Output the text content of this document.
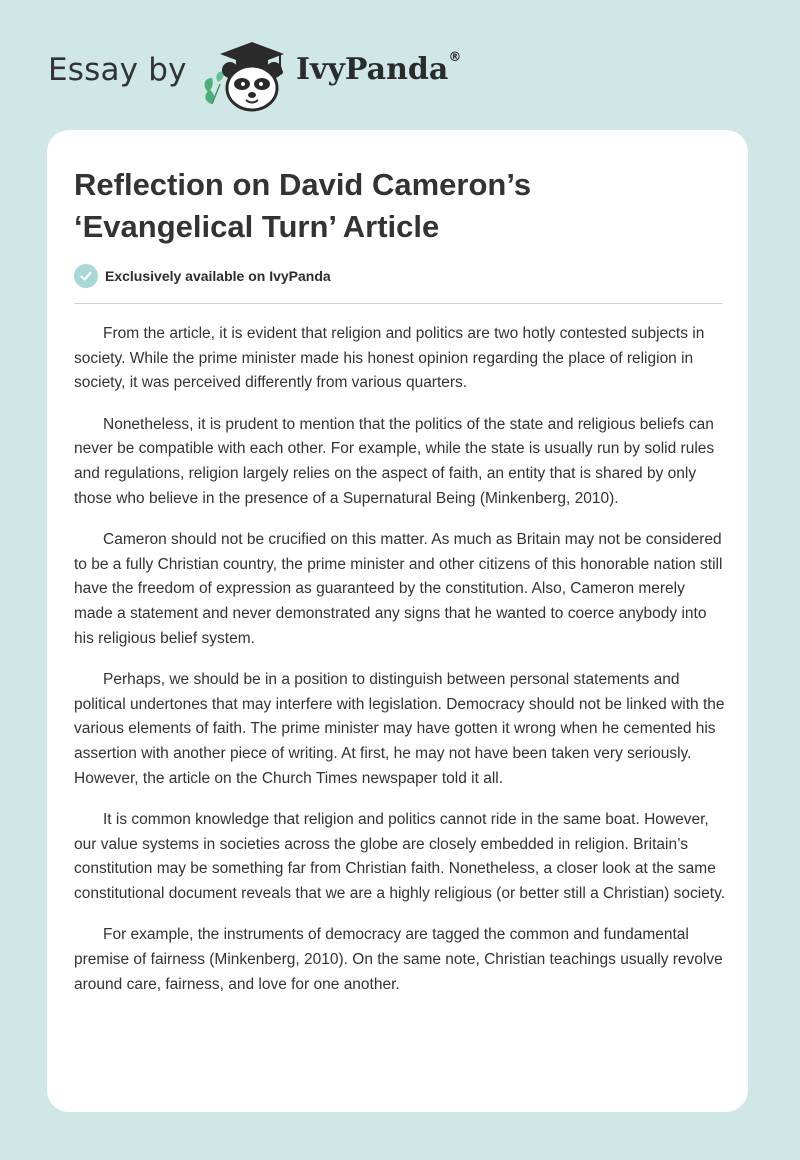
Essay by	IvyPanda®
Reflection on David Cameron’s ‘Evangelical Turn’ Article
Exclusively available on IvyPanda

From the article, it is evident that religion and politics are two hotly contested subjects in society. While the prime minister made his honest opinion regarding the place of religion in society, it was perceived differently from various quarters.

Nonetheless, it is prudent to mention that the politics of the state and religious beliefs can never be compatible with each other. For example, while the state is usually run by solid rules and regulations, religion largely relies on the aspect of faith, an entity that is shared by only those who believe in the presence of a Supernatural Being (Minkenberg, 2010).

Cameron should not be crucified on this matter. As much as Britain may not be considered to be a fully Christian country, the prime minister and other citizens of this honorable nation still have the freedom of expression as guaranteed by the constitution. Also, Cameron merely made a statement and never demonstrated any signs that he wanted to coerce anybody into his religious belief system.

Perhaps, we should be in a position to distinguish between personal statements and political undertones that may interfere with legislation. Democracy should not be linked with the various elements of faith. The prime minister may have gotten it wrong when he cemented his assertion with another piece of writing. At first, he may not have been taken very seriously. However, the article on the Church Times newspaper told it all.

It is common knowledge that religion and politics cannot ride in the same boat. However, our value systems in societies across the globe are closely embedded in religion. Britain’s constitution may be something far from Christian faith. Nonetheless, a closer look at the same constitutional document reveals that we are a highly religious (or better still a Christian) society.

For example, the instruments of democracy are tagged the common and fundamental premise of fairness (Minkenberg, 2010). On the same note, Christian teachings usually revolve around care, fairness, and love for one another.
